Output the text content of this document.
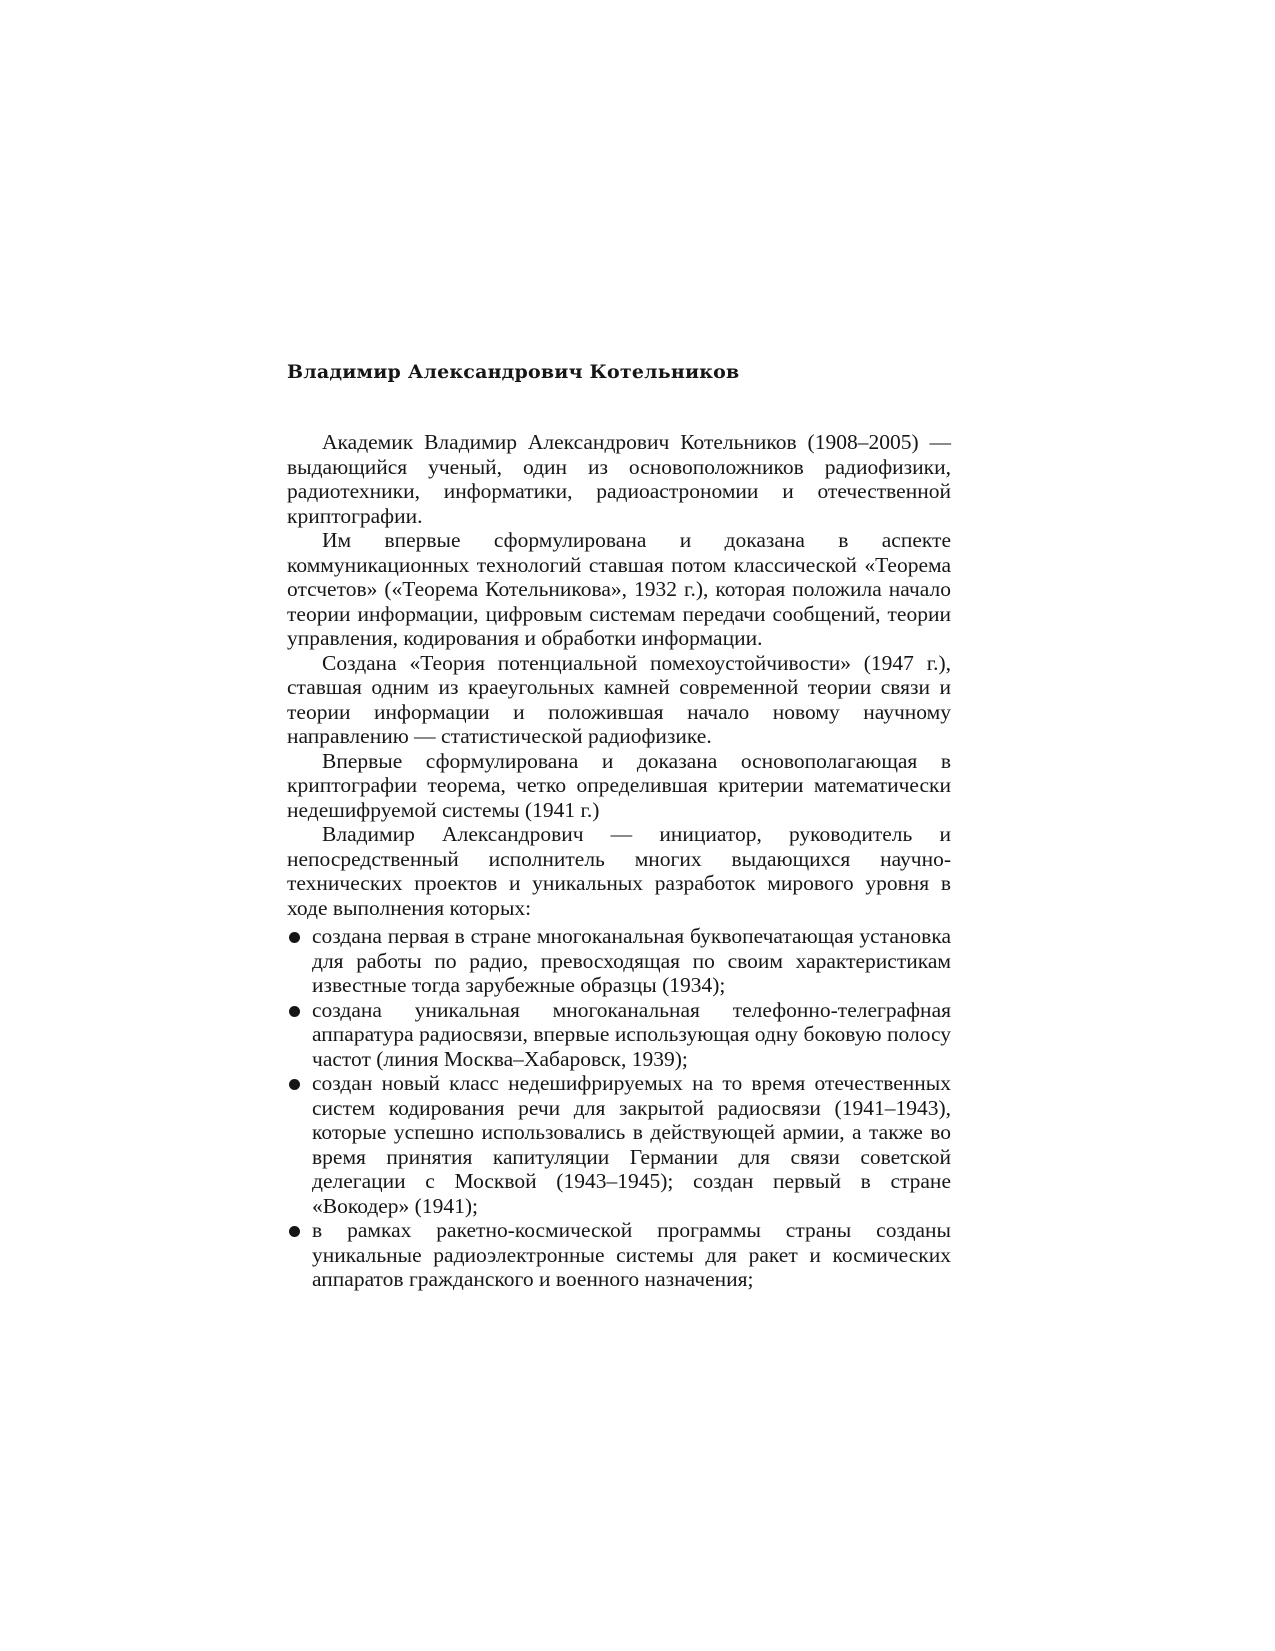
Владимир Александрович Котельников

Академик Владимир Александрович Котельников (1908–2005) — выдающийся ученый, один из основоположников радиофизики, радиотехники, информатики, радиоастрономии и отечественной криптографии.

Им впервые сформулирована и доказана в аспекте коммуникационных технологий ставшая потом классической «Теорема отсчетов» («Теорема Котельникова», 1932 г.), которая положила начало теории информации, цифровым системам передачи сообщений, теории управления, кодирования и обработки информации.

Создана «Теория потенциальной помехоустойчивости» (1947 г.), ставшая одним из краеугольных камней современной теории связи и теории информации и положившая начало новому научному направлению — статистической радиофизике.

Впервые сформулирована и доказана основополагающая в криптографии теорема, четко определившая критерии математически недешифруемой системы (1941 г.)

Владимир Александрович — инициатор, руководитель и непосредственный исполнитель многих выдающихся научно-технических проектов и уникальных разработок мирового уровня в ходе выполнения которых:

создана первая в стране многоканальная буквопечатающая установка для работы по радио, превосходящая по своим характеристикам известные тогда зарубежные образцы (1934);
создана уникальная многоканальная телефонно-телеграфная аппаратура радиосвязи, впервые использующая одну боковую полосу частот (линия Москва–Хабаровск, 1939);
создан новый класс недешифрируемых на то время отечественных систем кодирования речи для закрытой радиосвязи (1941–1943), которые успешно использовались в действующей армии, а также во время принятия капитуляции Германии для связи советской делегации с Москвой (1943–1945); создан первый в стране «Вокодер» (1941);
в рамках ракетно-космической программы страны созданы уникальные радиоэлектронные системы для ракет и космических аппаратов гражданского и военного назначения;
